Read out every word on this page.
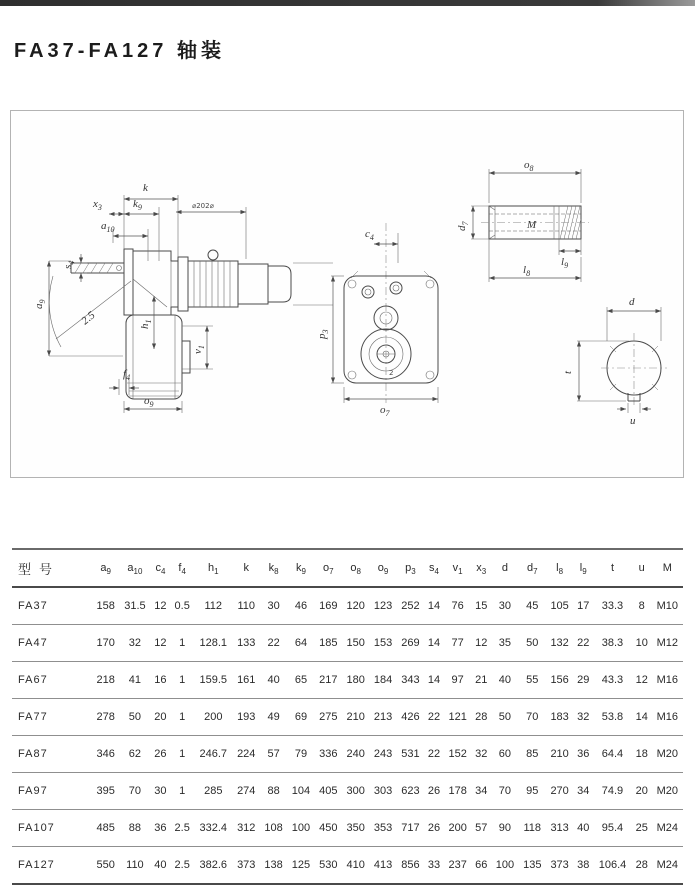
FA37-FA127 轴装
k
$x_3$	$k_9$	⌀202⌀
$a_{10}$
$s_4$
$a_9$
2.5	$h_1$
$v_1$
$f_4$
$o_9$
$c_4$
$p_3$
2
$o_7$
$o_8$
M
$d_7$
$l_9$
$l_8$
d
t
u
型号	$a_9$	$a_{10}$	$c_4$	$f_4$	$h_1$	k	$k_8$	$k_9$	$o_7$	$o_8$	$o_9$	$p_3$	$s_4$	$v_1$	$x_3$	d	$d_7$	$l_8$	$l_9$	t	u	M
FA37	158	31.5	12	0.5	112	110	30	46	169	120	123	252	14	76	15	30	45	105	17	33.3	8	M10
FA47	170	32	12	1	128.1	133	22	64	185	150	153	269	14	77	12	35	50	132	22	38.3	10	M12
FA67	218	41	16	1	159.5	161	40	65	217	180	184	343	14	97	21	40	55	156	29	43.3	12	M16
FA77	278	50	20	1	200	193	49	69	275	210	213	426	22	121	28	50	70	183	32	53.8	14	M16
FA87	346	62	26	1	246.7	224	57	79	336	240	243	531	22	152	32	60	85	210	36	64.4	18	M20
FA97	395	70	30	1	285	274	88	104	405	300	303	623	26	178	34	70	95	270	34	74.9	20	M20
FA107	485	88	36	2.5	332.4	312	108	100	450	350	353	717	26	200	57	90	118	313	40	95.4	25	M24
FA127	550	110	40	2.5	382.6	373	138	125	530	410	413	856	33	237	66	100	135	373	38	106.4	28	M24
